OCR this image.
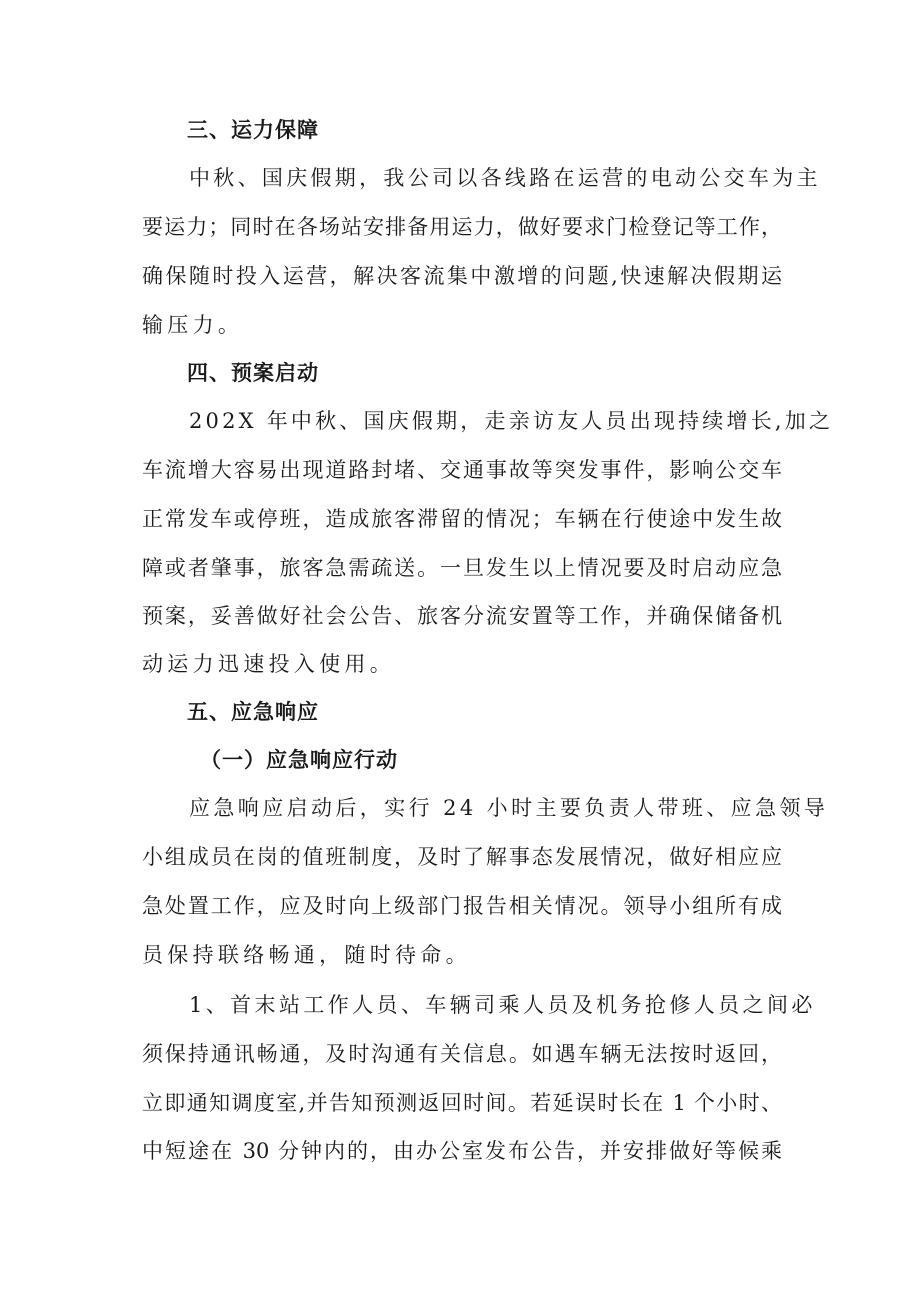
三、运力保障
中秋、国庆假期，我公司以各线路在运营的电动公交车为主
要运力；同时在各场站安排备用运力，做好要求门检登记等工作，
确保随时投入运营，解决客流集中激增的问题,快速解决假期运
输压力。
四、预案启动
202X 年中秋、国庆假期，走亲访友人员出现持续增长,加之
车流增大容易出现道路封堵、交通事故等突发事件，影响公交车
正常发车或停班，造成旅客滞留的情况；车辆在行使途中发生故
障或者肇事，旅客急需疏送。一旦发生以上情况要及时启动应急
预案，妥善做好社会公告、旅客分流安置等工作，并确保储备机
动运力迅速投入使用。
五、应急响应
（一）应急响应行动
应急响应启动后，实行 24 小时主要负责人带班、应急领导
小组成员在岗的值班制度，及时了解事态发展情况，做好相应应
急处置工作，应及时向上级部门报告相关情况。领导小组所有成
员保持联络畅通，随时待命。
1、首末站工作人员、车辆司乘人员及机务抢修人员之间必
须保持通讯畅通，及时沟通有关信息。如遇车辆无法按时返回，
立即通知调度室,并告知预测返回时间。若延误时长在 1 个小时、
中短途在 30 分钟内的，由办公室发布公告，并安排做好等候乘
